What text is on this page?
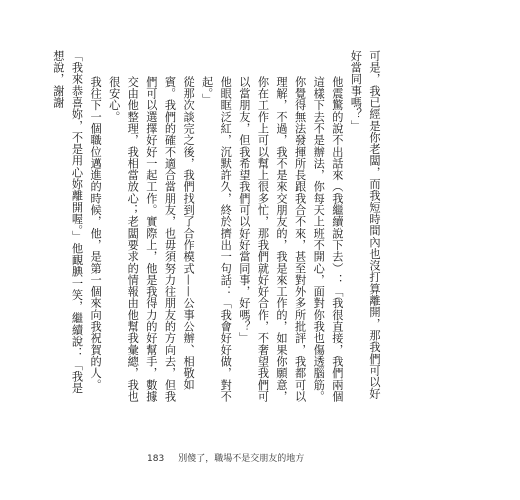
可是，我已經是你老闆，而我短時間內也沒打算離開，那我們可以好好當同事嗎？」

他震驚的說不出話來（我繼續說下去）：「我很直接，我們兩個這樣下去不是辦法，你每天上班不開心，面對你我也傷透腦筋。你覺得無法發揮所長跟我合不來，甚至對外多所批評，我都可以理解，不過，我不是來交朋友的，我是來工作的，如果你願意，你在工作上可以幫上很多忙，那我們就好好合作，不奢望我們可以當朋友，但我希望我們可以好好當同事，好嗎？」

他眼眶泛紅，沉默許久，終於擠出一句話：「我會好好做，對不起。」

從那次談完之後，我們找到了合作模式——公事公辦、相敬如賓。我們的確不適合當朋友，也毋須努力往朋友的方向去，但我們可以選擇好好一起工作。實際上，他是我得力的好幫手，數據交由他整理，我相當放心；老闆要求的情報由他幫我彙總，我也很安心。

我往下一個職位邁進的時候，他，是第一個來向我祝賀的人。

「我來恭喜妳，不是用心妳離開喔。」他靦腆一笑，繼續說：「我是想說，謝謝

183 別傻了，職場不是交朋友的地方
